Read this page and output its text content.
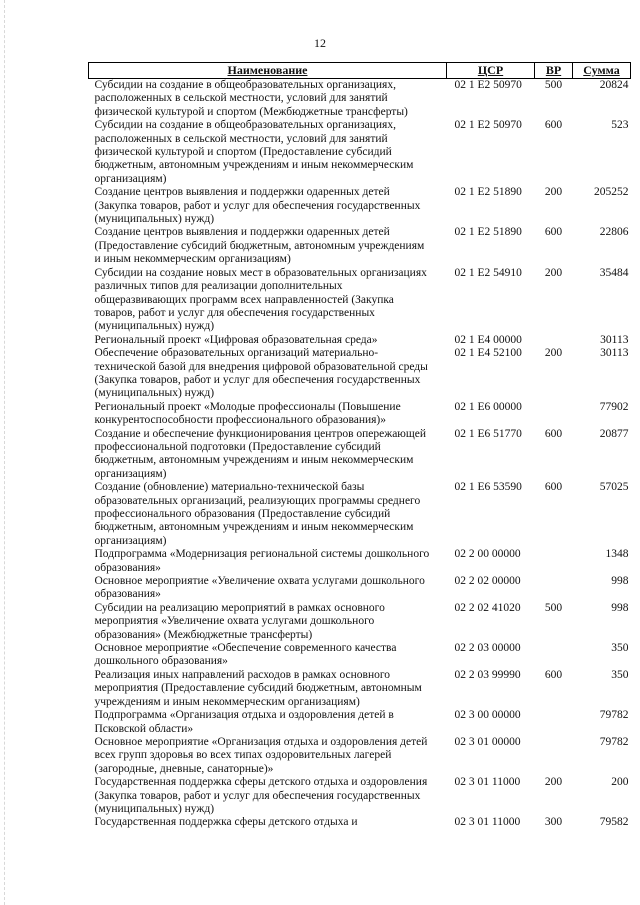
12
Наименование	ЦСР	ВР	Сумма
Субсидии на создание в общеобразовательных организациях, расположенных в сельской местности, условий для занятий физической культурой и спортом (Межбюджетные трансферты)	02 1 E2 50970	500	20824
Субсидии на создание в общеобразовательных организациях, расположенных в сельской местности, условий для занятий физической культурой и спортом (Предоставление субсидий бюджетным, автономным учреждениям и иным некоммерческим организациям)	02 1 E2 50970	600	523
Создание центров выявления и поддержки одаренных детей (Закупка товаров, работ и услуг для обеспечения государственных (муниципальных) нужд)	02 1 E2 51890	200	205252
Создание центров выявления и поддержки одаренных детей (Предоставление субсидий бюджетным, автономным учреждениям и иным некоммерческим организациям)	02 1 E2 51890	600	22806
Субсидии на создание новых мест в образовательных организациях различных типов для реализации дополнительных общеразвивающих программ всех направленностей (Закупка товаров, работ и услуг для обеспечения государственных (муниципальных) нужд)	02 1 E2 54910	200	35484
Региональный проект «Цифровая образовательная среда»	02 1 E4 00000		30113
Обеспечение образовательных организаций материально-технической базой для внедрения цифровой образовательной среды (Закупка товаров, работ и услуг для обеспечения государственных (муниципальных) нужд)	02 1 E4 52100	200	30113
Региональный проект «Молодые профессионалы (Повышение конкурентоспособности профессионального образования)»	02 1 E6 00000		77902
Создание и обеспечение функционирования центров опережающей профессиональной подготовки (Предоставление субсидий бюджетным, автономным учреждениям и иным некоммерческим организациям)	02 1 E6 51770	600	20877
Создание (обновление) материально-технической базы образовательных организаций, реализующих программы среднего профессионального образования (Предоставление субсидий бюджетным, автономным учреждениям и иным некоммерческим организациям)	02 1 E6 53590	600	57025
Подпрограмма «Модернизация региональной системы дошкольного образования»	02 2 00 00000		1348
Основное мероприятие «Увеличение охвата услугами дошкольного образования»	02 2 02 00000		998
Субсидии на реализацию мероприятий в рамках основного мероприятия «Увеличение охвата услугами дошкольного образования» (Межбюджетные трансферты)	02 2 02 41020	500	998
Основное мероприятие «Обеспечение современного качества дошкольного образования»	02 2 03 00000		350
Реализация иных направлений расходов в рамках основного мероприятия (Предоставление субсидий бюджетным, автономным учреждениям и иным некоммерческим организациям)	02 2 03 99990	600	350
Подпрограмма «Организация отдыха и оздоровления детей в Псковской области»	02 3 00 00000		79782
Основное мероприятие «Организация отдыха и оздоровления детей всех групп здоровья во всех типах оздоровительных лагерей (загородные, дневные, санаторные)»	02 3 01 00000		79782
Государственная поддержка сферы детского отдыха и оздоровления (Закупка товаров, работ и услуг для обеспечения государственных (муниципальных) нужд)	02 3 01 11000	200	200
Государственная поддержка сферы детского отдыха и	02 3 01 11000	300	79582
